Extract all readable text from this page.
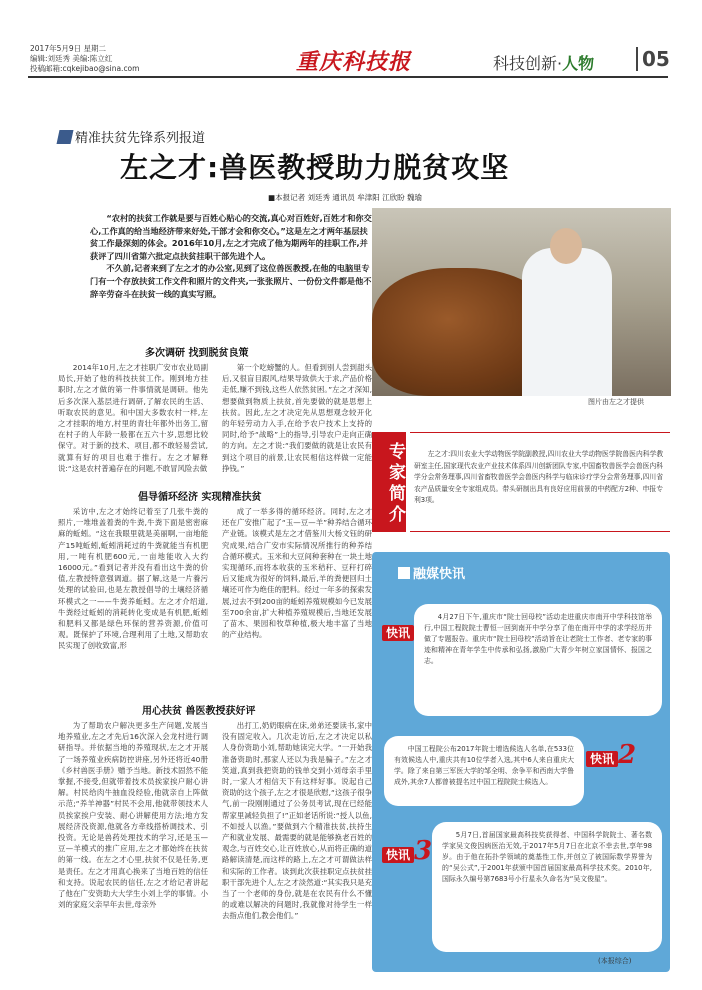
2017年5月9日 星期二
编辑:刘廷秀 美编:陈立红
投稿邮箱:cqkejibao@sina.com	重庆科技报	科技创新·人物	05
精准扶贫先锋系列报道
左之才:兽医教授助力脱贫攻坚
■本报记者 刘廷秀 通讯员 牟津阳 江欣盼 魏瑜

“农村的扶贫工作就是要与百姓心贴心的交流,真心对百姓好,百姓才和你交心,工作真的给当地经济带来好处,干部才会和你交心。”这是左之才两年基层扶贫工作最深刻的体会。2016年10月,左之才完成了他为期两年的挂职工作,并获评了四川省第六批定点扶贫挂职干部先进个人。

不久前,记者来到了左之才的办公室,见到了这位兽医教授,在他的电脑里专门有一个存放扶贫工作文件和照片的文件夹,一张张照片、一份份文件都是他不辞辛劳奋斗在扶贫一线的真实写照。

图片由左之才提供
多次调研 找到脱贫良策

2014年10月,左之才挂职广安市农业局副局长,开始了他的科技扶贫工作。刚到地方挂职时,左之才做的第一件事情就是调研。他先后多次深入基层进行调研,了解农民的生活、听取农民的意见。和中国大多数农村一样,左之才挂职的地方,村里的青壮年都外出务工,留在村子的人年龄一般都在五六十岁,思想比较保守。对于新的技术、项目,都不敢轻易尝试,就算有好的项目也难于推行。左之才解释说:“这是农村普遍存在的问题,不敢冒风险去做

第一个吃螃蟹的人。但看到别人尝到甜头后,又很盲目跟风,结果导致供大于求,产品价格走低,赚不到钱,这些人依然贫困。”左之才深知,想要做到物质上扶贫,首先要做的就是思想上扶贫。因此,左之才决定先从思想观念较开化的年轻劳动力入手,在给予农户技术上支持的同时,给予“战略”上的指导,引导农户走向正确的方向。左之才说:“我们要做的就是让农民有到这个项目的前景,让农民相信这样做一定能挣钱。”

倡导循环经济 实现精准扶贫

采访中,左之才始终记着至了几张牛粪的照片,一堆堆盖着粪的牛粪,牛粪下面是密密麻麻的蚯蚓。“这在我眼里就是美丽啊,一亩地能产15吨蚯蚓,蚯蚓消耗过的牛粪就能当有机肥用,一吨有机肥600元,一亩地能收入大约16000元。”看到记者并没有看出这牛粪的价值,左教授特意强调道。据了解,这是一片養污处理的试验田,也是左教授倡导的土壤经济循环模式之一——牛粪养蚯蚓。左之才介绍道,牛粪经过蚯蚓的消耗转化变成是有机肥,蚯蚓和肥料又都是绿色环保的营养资源,价值可观。既保护了环境,合理利用了土地,又帮助农民实现了创收致富,形

成了一举多得的循环经济。同时,左之才还在广安推广起了“玉—豆—羊”种养结合循环产业链。该模式是左之才借鉴川大杨文钰的研究成果,结合广安市实际情况所推行的种养结合循环模式。玉米和大豆间种套种在一块土地实现循环,而将本收获的玉米秸秆、豆秆打碎后又能成为很好的饲料,最后,羊的粪便回归土壤还可作为绝佳的肥料。经过一年多的探索发展,过去不到200亩的蚯蚓养殖规模如今已发展至700余亩,扩大种植养殖规模后,当地还发展了苗木、果园和牧草种植,极大地丰富了当地的产业结构。

用心扶贫 兽医教授获好评

为了帮助农户解决更多生产问题,发展当地养殖业,左之才先后16次深入会龙村进行调研指导。并依据当地的养殖现状,左之才开展了一场养殖业疾病防控讲座,另外还将近40册《乡村兽医手册》赠予当地。新技术固然不能掌握,不接受,但就带着技术员挨家挨户耐心讲解。村民给肉牛抽血没经验,他就亲自上阵做示范;“养羊神器”村民不会用,他就带领技术人员挨家挨户安装、耐心讲解使用方法;地方发展经济没资源,他就各方牵线搭桥调技术、引投资。无论是兽药处理技术的学习,还是玉—豆—羊模式的推广应用,左之才都始终在扶贫的第一线。在左之才心里,扶贫不仅是任务,更是责任。左之才用真心换来了当地百姓的信任和支持。说起农民的信任,左之才给记者讲起了他在广安资助大大学生小刘上学的事情。小刘的家庭父亲早年去世,母亲外

出打工,奶奶眼病在床,弟弟还要读书,家中没有固定收入。几次走访后,左之才决定以私人身份资助小刘,帮助她读完大学。“一开始我准备资助时,那家人还以为我是骗子。”左之才笑道,真到我把资助的钱单交到小刘母亲手里时,一家人才相信天下有这样好事。说起自己资助的这个孩子,左之才很是欣慰,“这孩子很争气,前一段刚刚通过了公务员考试,现在已经能帮家里减轻负担了!”正如老话所说:“授人以鱼,不如授人以渔。”要做到六个精准扶贫,扶持生产和就业发展、最需要的就是能够换老百姓的观念,与百姓交心,让百姓放心,从而将正确的道路解读清楚,而这样的路上,左之才可谓做法样和实际的工作者。谈到此次获挂职定点扶贫挂职干部先进个人,左之才淡然道:“其实我只是充当了一个老师的身份,就是在农民有什么不懂的或难以解决的问题时,我就像对待学生一样去指点他们,教会他们。”

专家简介	左之才:四川农业大学动物医学院副教授,四川农业大学动物医学院兽医内科学教研室主任,国家现代农业产业技术体系四川创新团队专家,中国畜牧兽医学会兽医内科学分会常务理事,四川省畜牧兽医学会兽医内科学与临床诊疗学分会常务理事,四川省农产品质量安全专家组成员。带头研制出具有良好应用前景的中药配方2种、申报专利3项。
融媒快讯
快讯
4月27日下午,重庆市“院士回母校”活动走进重庆市南开中学科技馆举行,中国工程院院士曹恒一回到南开中学分享了他在南开中学的求学经历并做了专题报告。重庆市“院士回母校”活动旨在让老院士工作者、老专家的事迹和精神在青年学生中传承和弘扬,激励广大青少年树立家国情怀、报国之志。
快讯 2
中国工程院公布2017年院士增选候选人名单,在533位有效候选人中,重庆共有10位学者入选,其中6人来自重庆大学。除了来自第三军医大学的邹全明、余争平和西南大学鲁成外,其余7人都曾被提名过中国工程院院士候选人。
快讯 3
5月7日,首届国家最高科技奖获得者、中国科学院院士、著名数学家吴文俊因病医治无效,于2017年5月7日在北京不幸去世,享年98岁。由于他在拓扑学领域的奠基性工作,并创立了被国际数学界誉为的“吴公式”,于2001年获颁中国首届国家最高科学技术奖。2010年,国际永久编号第7683号小行星永久命名为“吴文俊星”。
(本报综合)
